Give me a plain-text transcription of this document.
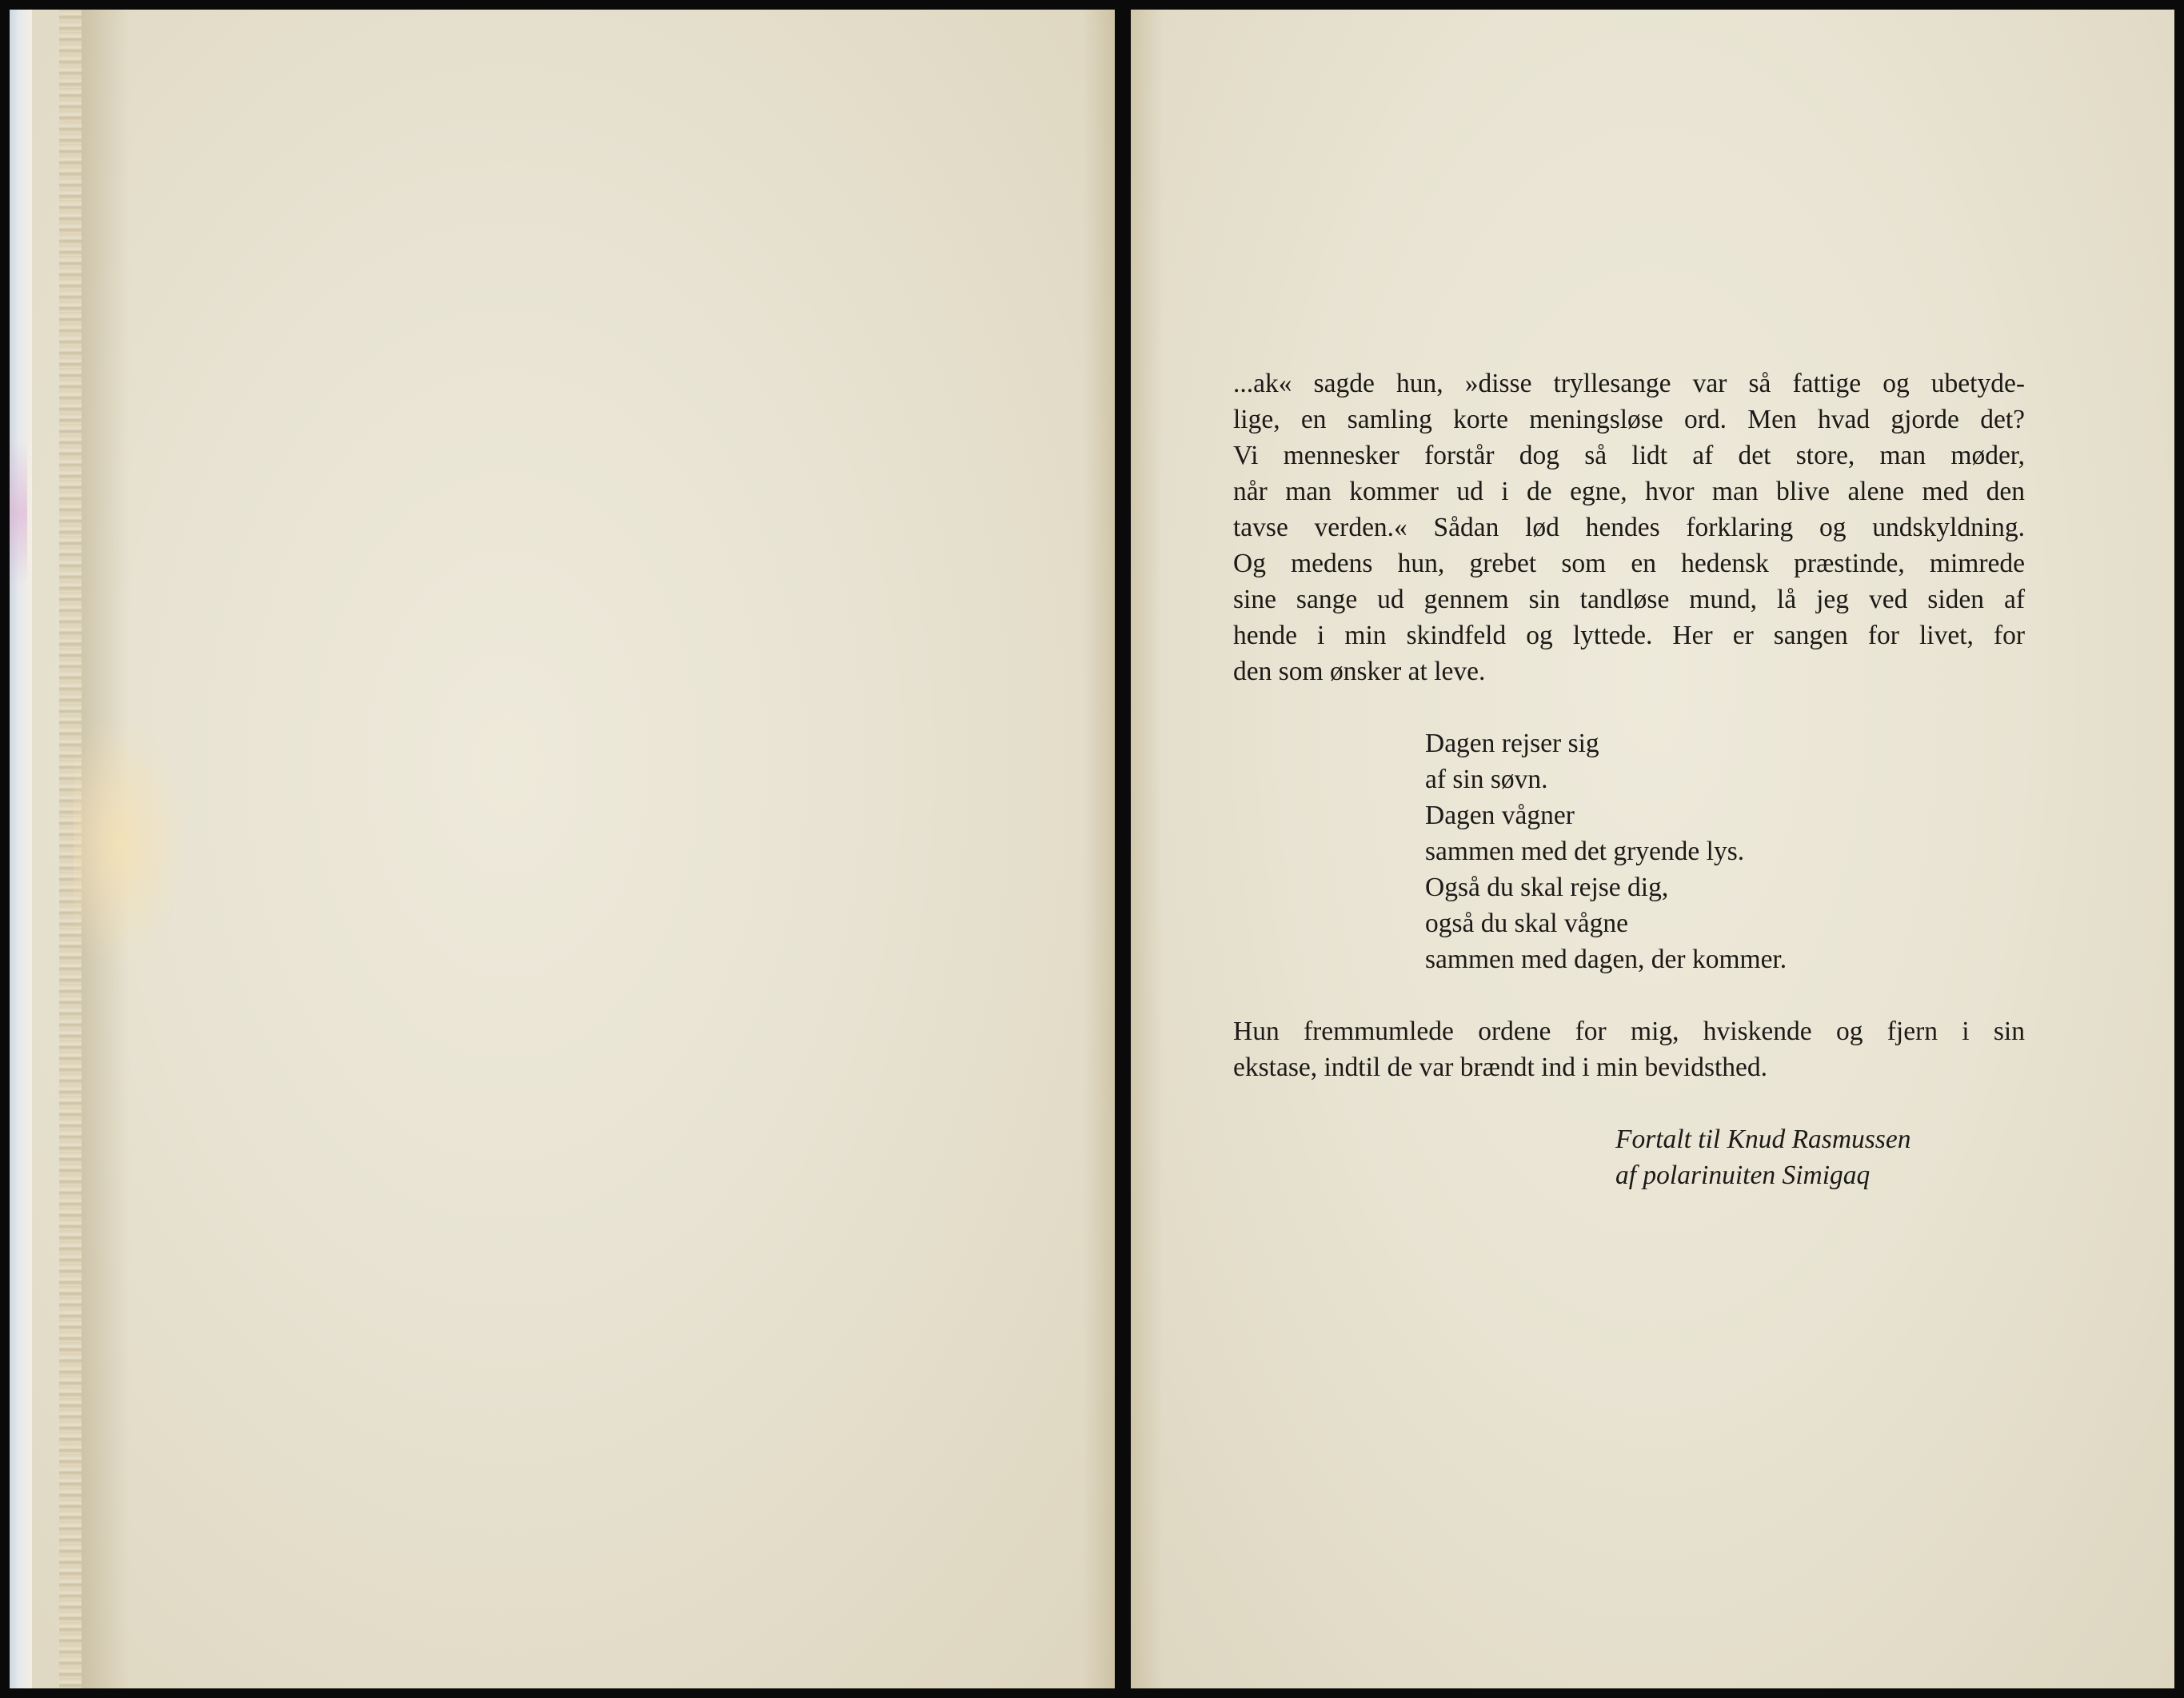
...ak« sagde hun, »disse tryllesange var så fattige og ubetyde-
lige, en samling korte meningsløse ord. Men hvad gjorde det?
Vi mennesker forstår dog så lidt af det store, man møder,
når man kommer ud i de egne, hvor man blive alene med den
tavse verden.« Sådan lød hendes forklaring og undskyldning.
Og medens hun, grebet som en hedensk præstinde, mimrede
sine sange ud gennem sin tandløse mund, lå jeg ved siden af
hende i min skindfeld og lyttede. Her er sangen for livet, for
den som ønsker at leve.

Dagen rejser sig
af sin søvn.
Dagen vågner
sammen med det gryende lys.
Også du skal rejse dig,
også du skal vågne
sammen med dagen, der kommer.

Hun fremmumlede ordene for mig, hviskende og fjern i sin
ekstase, indtil de var brændt ind i min bevidsthed.

Fortalt til Knud Rasmussen
af polarinuiten Simigaq
